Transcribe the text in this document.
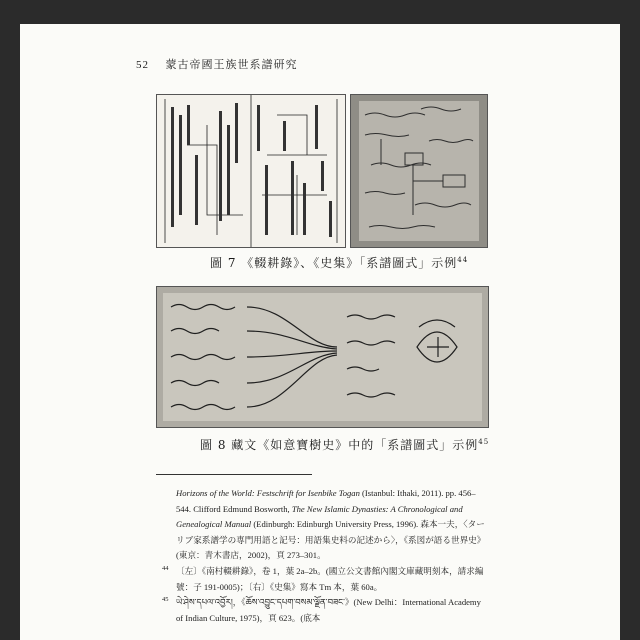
52 蒙古帝國王族世系譜研究
圖 7 《輟耕錄》、《史集》「系譜圖式」示例$^{44}$
圖 8 藏文《如意寶樹史》中的「系譜圖式」示例$^{45}$

Horizons of the World: Festschrift for Isenbike Togan (Istanbul: Ithaki, 2011). pp. 456–544. Clifford Edmund Bosworth, The New Islamic Dynasties: A Chronological and Genealogical Manual (Edinburgh: Edinburgh University Press, 1996). 森本一夫，〈ターリブ家系譜学の専門用語と記号：用語集史料の記述から〉，《系図が語る世界史》(東京：青木書店，2002)，頁 273–301。

44 〔左〕《南村輟耕錄》，卷 1，葉 2a–2b。(國立公文書館內閣文庫藏明刻本，請求編號：子 191-0005)；〔右〕《史集》寫本 Tm 本，葉 60a。

45 ཡེ་ཤེས་དཔལ་འབྱོར།，《ཆོས་འབྱུང་དཔག་བསམ་ལྗོན་བཟང་》(New Delhi：International Academy of Indian Culture, 1975)，頁 623。(底本
